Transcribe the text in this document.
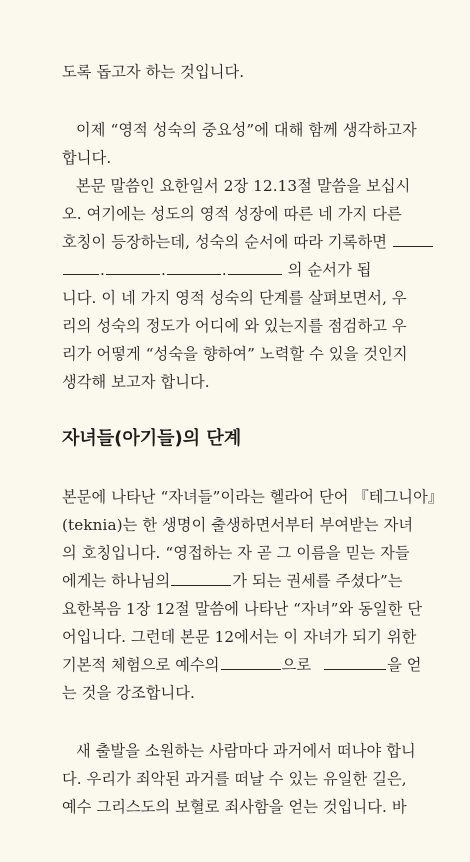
도록 돕고자 하는 것입니다.
이제 “영적 성숙의 중요성”에 대해 함께 생각하고자
합니다.
본문 말씀인 요한일서 2장 12.13절 말씀을 보십시
오. 여기에는 성도의 영적 성장에 따른 네 가지 다른
호칭이 등장하는데, 성숙의 순서에 따라 기록하면
.	.	.	의 순서가 됩
니다. 이 네 가지 영적 성숙의 단계를 살펴보면서, 우
리의 성숙의 정도가 어디에 와 있는지를 점검하고 우
리가 어떻게 “성숙을 향하여” 노력할 수 있을 것인지
생각해 보고자 합니다.
자녀들(아기들)의 단계
본문에 나타난 “자녀들”이라는 헬라어 단어 『테그니아』
(teknia)는 한 생명이 출생하면서부터 부여받는 자녀
의 호칭입니다. “영접하는 자 곧 그 이름을 믿는 자들
에게는 하나님의	가 되는 권세를 주셨다”는
요한복음 1장 12절 말씀에 나타난 “자녀”와 동일한 단
어입니다. 그런데 본문 12에서는 이 자녀가 되기 위한
기본적 체험으로 예수의	으로	을 얻
는 것을 강조합니다.
새 출발을 소원하는 사람마다 과거에서 떠나야 합니
다. 우리가 죄악된 과거를 떠날 수 있는 유일한 길은,
예수 그리스도의 보혈로 죄사함을 얻는 것입니다. 바
